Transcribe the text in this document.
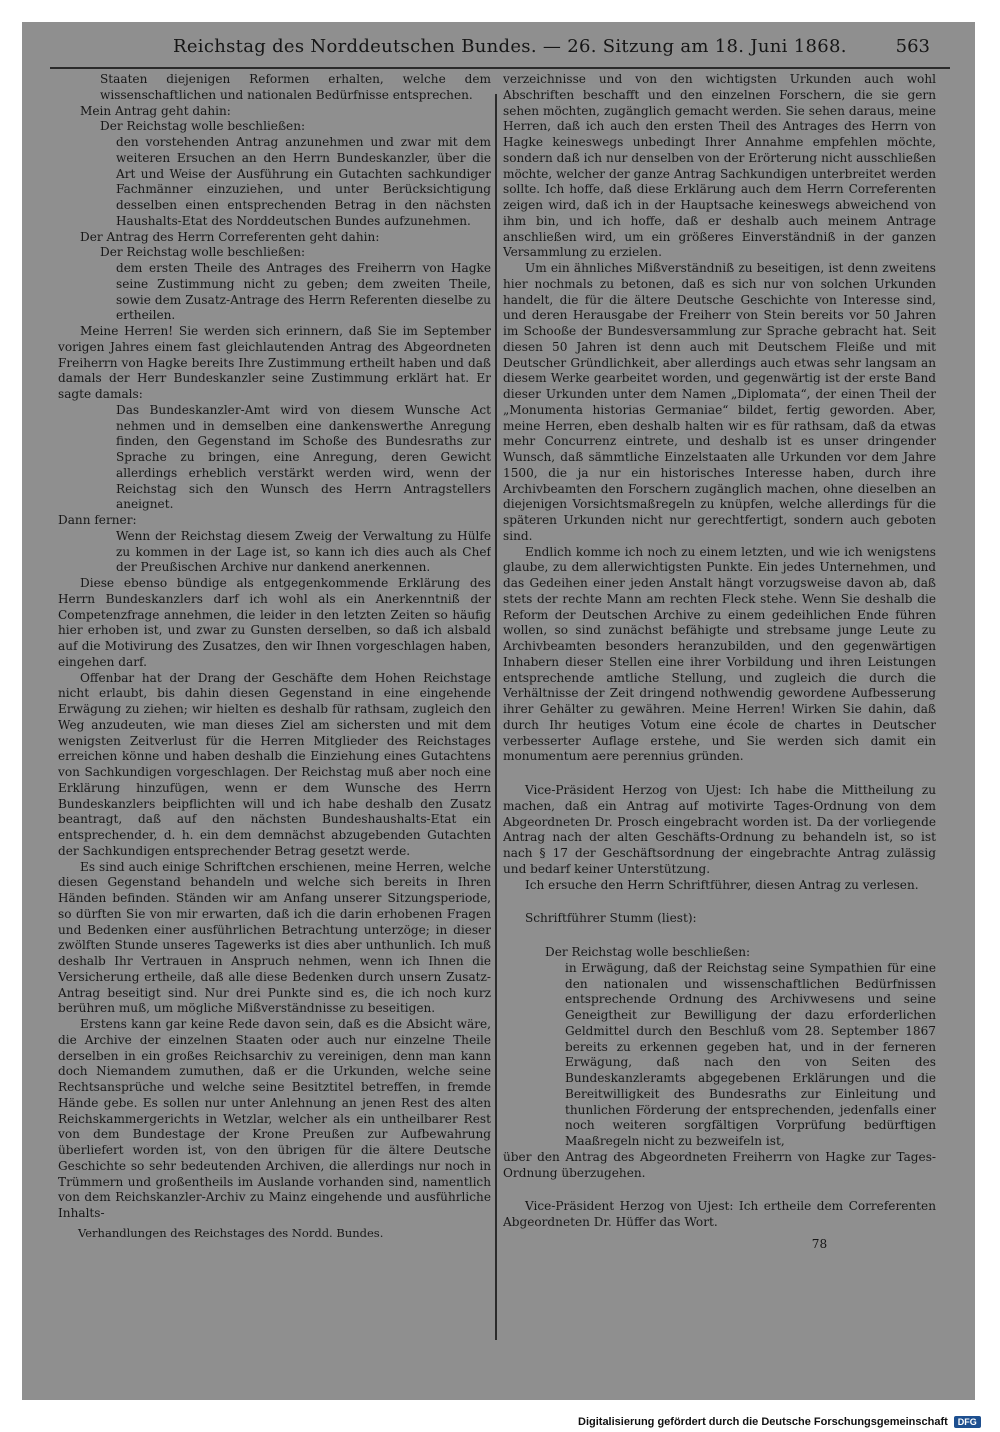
Reichstag des Norddeutschen Bundes. — 26. Sitzung am 18. Juni 1868.	563

Staaten diejenigen Reformen erhalten, welche dem wissenschaftlichen und nationalen Bedürfnisse entsprechen.

Mein Antrag geht dahin:

Der Reichstag wolle beschließen:

den vorstehenden Antrag anzunehmen und zwar mit dem weiteren Ersuchen an den Herrn Bundeskanzler, über die Art und Weise der Ausführung ein Gutachten sachkundiger Fachmänner einzuziehen, und unter Berücksichtigung desselben einen entsprechenden Betrag in den nächsten Haushalts-Etat des Norddeutschen Bundes aufzunehmen.

Der Antrag des Herrn Correferenten geht dahin:

Der Reichstag wolle beschließen:

dem ersten Theile des Antrages des Freiherrn von Hagke seine Zustimmung nicht zu geben; dem zweiten Theile, sowie dem Zusatz-Antrage des Herrn Referenten dieselbe zu ertheilen.

Meine Herren! Sie werden sich erinnern, daß Sie im September vorigen Jahres einem fast gleichlautenden Antrag des Abgeordneten Freiherrn von Hagke bereits Ihre Zustimmung ertheilt haben und daß damals der Herr Bundeskanzler seine Zustimmung erklärt hat. Er sagte damals:

Das Bundeskanzler-Amt wird von diesem Wunsche Act nehmen und in demselben eine dankenswerthe Anregung finden, den Gegenstand im Schoße des Bundesraths zur Sprache zu bringen, eine Anregung, deren Gewicht allerdings erheblich verstärkt werden wird, wenn der Reichstag sich den Wunsch des Herrn Antragstellers aneignet.

Dann ferner:

Wenn der Reichstag diesem Zweig der Verwaltung zu Hülfe zu kommen in der Lage ist, so kann ich dies auch als Chef der Preußischen Archive nur dankend anerkennen.

Diese ebenso bündige als entgegenkommende Erklärung des Herrn Bundeskanzlers darf ich wohl als ein Anerkenntniß der Competenzfrage annehmen, die leider in den letzten Zeiten so häufig hier erhoben ist, und zwar zu Gunsten derselben, so daß ich alsbald auf die Motivirung des Zusatzes, den wir Ihnen vorgeschlagen haben, eingehen darf.

Offenbar hat der Drang der Geschäfte dem Hohen Reichstage nicht erlaubt, bis dahin diesen Gegenstand in eine eingehende Erwägung zu ziehen; wir hielten es deshalb für rathsam, zugleich den Weg anzudeuten, wie man dieses Ziel am sichersten und mit dem wenigsten Zeitverlust für die Herren Mitglieder des Reichstages erreichen könne und haben deshalb die Einziehung eines Gutachtens von Sachkundigen vorgeschlagen. Der Reichstag muß aber noch eine Erklärung hinzufügen, wenn er dem Wunsche des Herrn Bundeskanzlers beipflichten will und ich habe deshalb den Zusatz beantragt, daß auf den nächsten Bundeshaushalts-Etat ein entsprechender, d. h. ein dem demnächst abzugebenden Gutachten der Sachkundigen entsprechender Betrag gesetzt werde.

Es sind auch einige Schriftchen erschienen, meine Herren, welche diesen Gegenstand behandeln und welche sich bereits in Ihren Händen befinden. Ständen wir am Anfang unserer Sitzungsperiode, so dürften Sie von mir erwarten, daß ich die darin erhobenen Fragen und Bedenken einer ausführlichen Betrachtung unterzöge; in dieser zwölften Stunde unseres Tagewerks ist dies aber unthunlich. Ich muß deshalb Ihr Vertrauen in Anspruch nehmen, wenn ich Ihnen die Versicherung ertheile, daß alle diese Bedenken durch unsern Zusatz-Antrag beseitigt sind. Nur drei Punkte sind es, die ich noch kurz berühren muß, um mögliche Mißverständnisse zu beseitigen.

Erstens kann gar keine Rede davon sein, daß es die Absicht wäre, die Archive der einzelnen Staaten oder auch nur einzelne Theile derselben in ein großes Reichsarchiv zu vereinigen, denn man kann doch Niemandem zumuthen, daß er die Urkunden, welche seine Rechtsansprüche und welche seine Besitztitel betreffen, in fremde Hände gebe. Es sollen nur unter Anlehnung an jenen Rest des alten Reichskammergerichts in Wetzlar, welcher als ein untheilbarer Rest von dem Bundestage der Krone Preußen zur Aufbewahrung überliefert worden ist, von den übrigen für die ältere Deutsche Geschichte so sehr bedeutenden Archiven, die allerdings nur noch in Trümmern und großentheils im Auslande vorhanden sind, namentlich von dem Reichskanzler-Archiv zu Mainz eingehende und ausführliche Inhalts-

Verhandlungen des Reichstages des Nordd. Bundes.

verzeichnisse und von den wichtigsten Urkunden auch wohl Abschriften beschafft und den einzelnen Forschern, die sie gern sehen möchten, zugänglich gemacht werden. Sie sehen daraus, meine Herren, daß ich auch den ersten Theil des Antrages des Herrn von Hagke keineswegs unbedingt Ihrer Annahme empfehlen möchte, sondern daß ich nur denselben von der Erörterung nicht ausschließen möchte, welcher der ganze Antrag Sachkundigen unterbreitet werden sollte. Ich hoffe, daß diese Erklärung auch dem Herrn Correferenten zeigen wird, daß ich in der Hauptsache keineswegs abweichend von ihm bin, und ich hoffe, daß er deshalb auch meinem Antrage anschließen wird, um ein größeres Einverständniß in der ganzen Versammlung zu erzielen.

Um ein ähnliches Mißverständniß zu beseitigen, ist denn zweitens hier nochmals zu betonen, daß es sich nur von solchen Urkunden handelt, die für die ältere Deutsche Geschichte von Interesse sind, und deren Herausgabe der Freiherr von Stein bereits vor 50 Jahren im Schooße der Bundesversammlung zur Sprache gebracht hat. Seit diesen 50 Jahren ist denn auch mit Deutschem Fleiße und mit Deutscher Gründlichkeit, aber allerdings auch etwas sehr langsam an diesem Werke gearbeitet worden, und gegenwärtig ist der erste Band dieser Urkunden unter dem Namen „Diplomata“, der einen Theil der „Monumenta historias Germaniae“ bildet, fertig geworden. Aber, meine Herren, eben deshalb halten wir es für rathsam, daß da etwas mehr Concurrenz eintrete, und deshalb ist es unser dringender Wunsch, daß sämmtliche Einzelstaaten alle Urkunden vor dem Jahre 1500, die ja nur ein historisches Interesse haben, durch ihre Archivbeamten den Forschern zugänglich machen, ohne dieselben an diejenigen Vorsichtsmaßregeln zu knüpfen, welche allerdings für die späteren Urkunden nicht nur gerechtfertigt, sondern auch geboten sind.

Endlich komme ich noch zu einem letzten, und wie ich wenigstens glaube, zu dem allerwichtigsten Punkte. Ein jedes Unternehmen, und das Gedeihen einer jeden Anstalt hängt vorzugsweise davon ab, daß stets der rechte Mann am rechten Fleck stehe. Wenn Sie deshalb die Reform der Deutschen Archive zu einem gedeihlichen Ende führen wollen, so sind zunächst befähigte und strebsame junge Leute zu Archivbeamten besonders heranzubilden, und den gegenwärtigen Inhabern dieser Stellen eine ihrer Vorbildung und ihren Leistungen entsprechende amtliche Stellung, und zugleich die durch die Verhältnisse der Zeit dringend nothwendig gewordene Aufbesserung ihrer Gehälter zu gewähren. Meine Herren! Wirken Sie dahin, daß durch Ihr heutiges Votum eine école de chartes in Deutscher verbesserter Auflage erstehe, und Sie werden sich damit ein monumentum aere perennius gründen.

Vice-Präsident Herzog von Ujest: Ich habe die Mittheilung zu machen, daß ein Antrag auf motivirte Tages-Ordnung von dem Abgeordneten Dr. Prosch eingebracht worden ist. Da der vorliegende Antrag nach der alten Geschäfts-Ordnung zu behandeln ist, so ist nach § 17 der Geschäftsordnung der eingebrachte Antrag zulässig und bedarf keiner Unterstützung.

Ich ersuche den Herrn Schriftführer, diesen Antrag zu verlesen.

Schriftführer Stumm (liest):

Der Reichstag wolle beschließen:

in Erwägung, daß der Reichstag seine Sympathien für eine den nationalen und wissenschaftlichen Bedürfnissen entsprechende Ordnung des Archivwesens und seine Geneigtheit zur Bewilligung der dazu erforderlichen Geldmittel durch den Beschluß vom 28. September 1867 bereits zu erkennen gegeben hat, und in der ferneren Erwägung, daß nach den von Seiten des Bundeskanzleramts abgegebenen Erklärungen und die Bereitwilligkeit des Bundesraths zur Einleitung und thunlichen Förderung der entsprechenden, jedenfalls einer noch weiteren sorgfältigen Vorprüfung bedürftigen Maaßregeln nicht zu bezweifeln ist,

über den Antrag des Abgeordneten Freiherrn von Hagke zur Tages-Ordnung überzugehen.

Vice-Präsident Herzog von Ujest: Ich ertheile dem Correferenten Abgeordneten Dr. Hüffer das Wort.

78

Digitalisierung gefördert durch die Deutsche Forschungsgemeinschaft	DFG
